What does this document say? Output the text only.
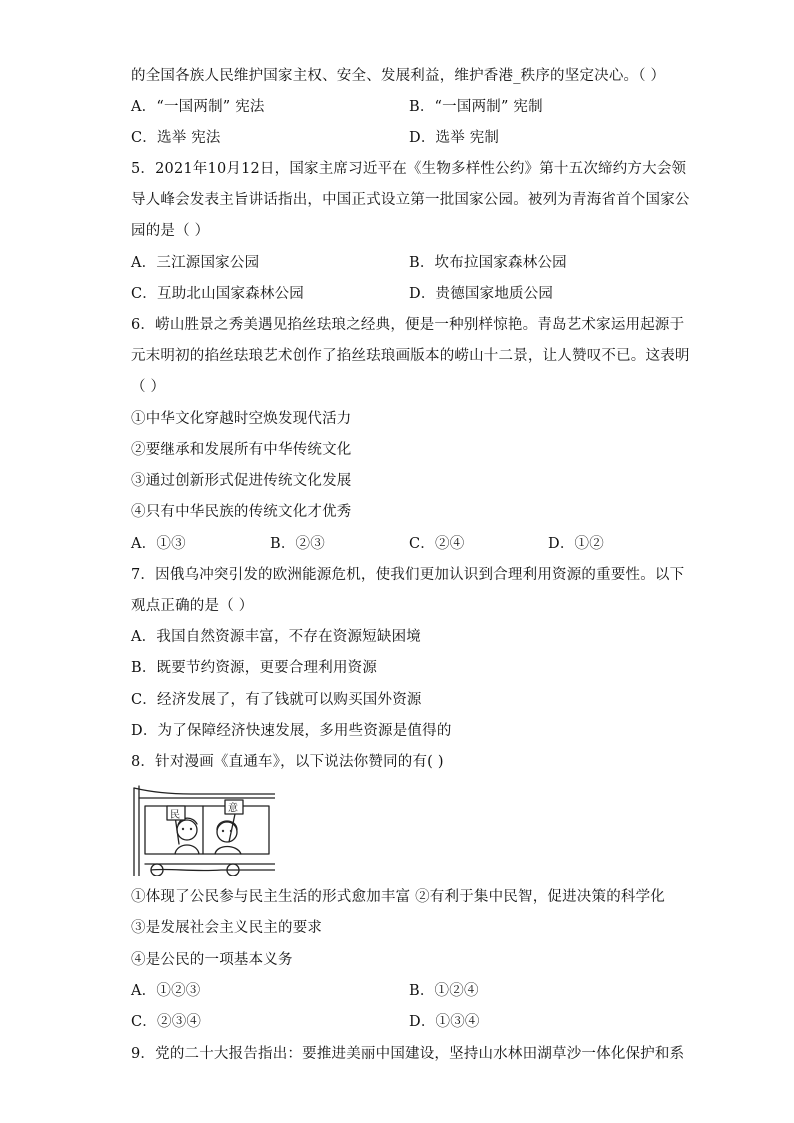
的全国各族人民维护国家主权、安全、发展利益，维护香港_秩序的坚定决心。（ ）
A．“一国两制” 宪法	B．“一国两制” 宪制
C．选举 宪法	D．选举 宪制
5．2021年10月12日，国家主席习近平在《生物多样性公约》第十五次缔约方大会领
导人峰会发表主旨讲话指出，中国正式设立第一批国家公园。被列为青海省首个国家公
园的是（ ）
A．三江源国家公园	B．坎布拉国家森林公园
C．互助北山国家森林公园	D．贵德国家地质公园
6．崂山胜景之秀美遇见掐丝珐琅之经典，便是一种别样惊艳。青岛艺术家运用起源于
元末明初的掐丝珐琅艺术创作了掐丝珐琅画版本的崂山十二景，让人赞叹不已。这表明
（ ）
①中华文化穿越时空焕发现代活力
②要继承和发展所有中华传统文化
③通过创新形式促进传统文化发展
④只有中华民族的传统文化才优秀
A．①③	B．②③	C．②④	D．①②
7．因俄乌冲突引发的欧洲能源危机，使我们更加认识到合理利用资源的重要性。以下
观点正确的是（ ）
A．我国自然资源丰富，不存在资源短缺困境
B．既要节约资源，更要合理利用资源
C．经济发展了，有了钱就可以购买国外资源
D．为了保障经济快速发展，多用些资源是值得的
8．针对漫画《直通车》，以下说法你赞同的有( )
民
意
①体现了公民参与民主生活的形式愈加丰富 ②有利于集中民智，促进决策的科学化
③是发展社会主义民主的要求
④是公民的一项基本义务
A．①②③	B．①②④
C．②③④	D．①③④
9．党的二十大报告指出：要推进美丽中国建设，坚持山水林田湖草沙一体化保护和系
